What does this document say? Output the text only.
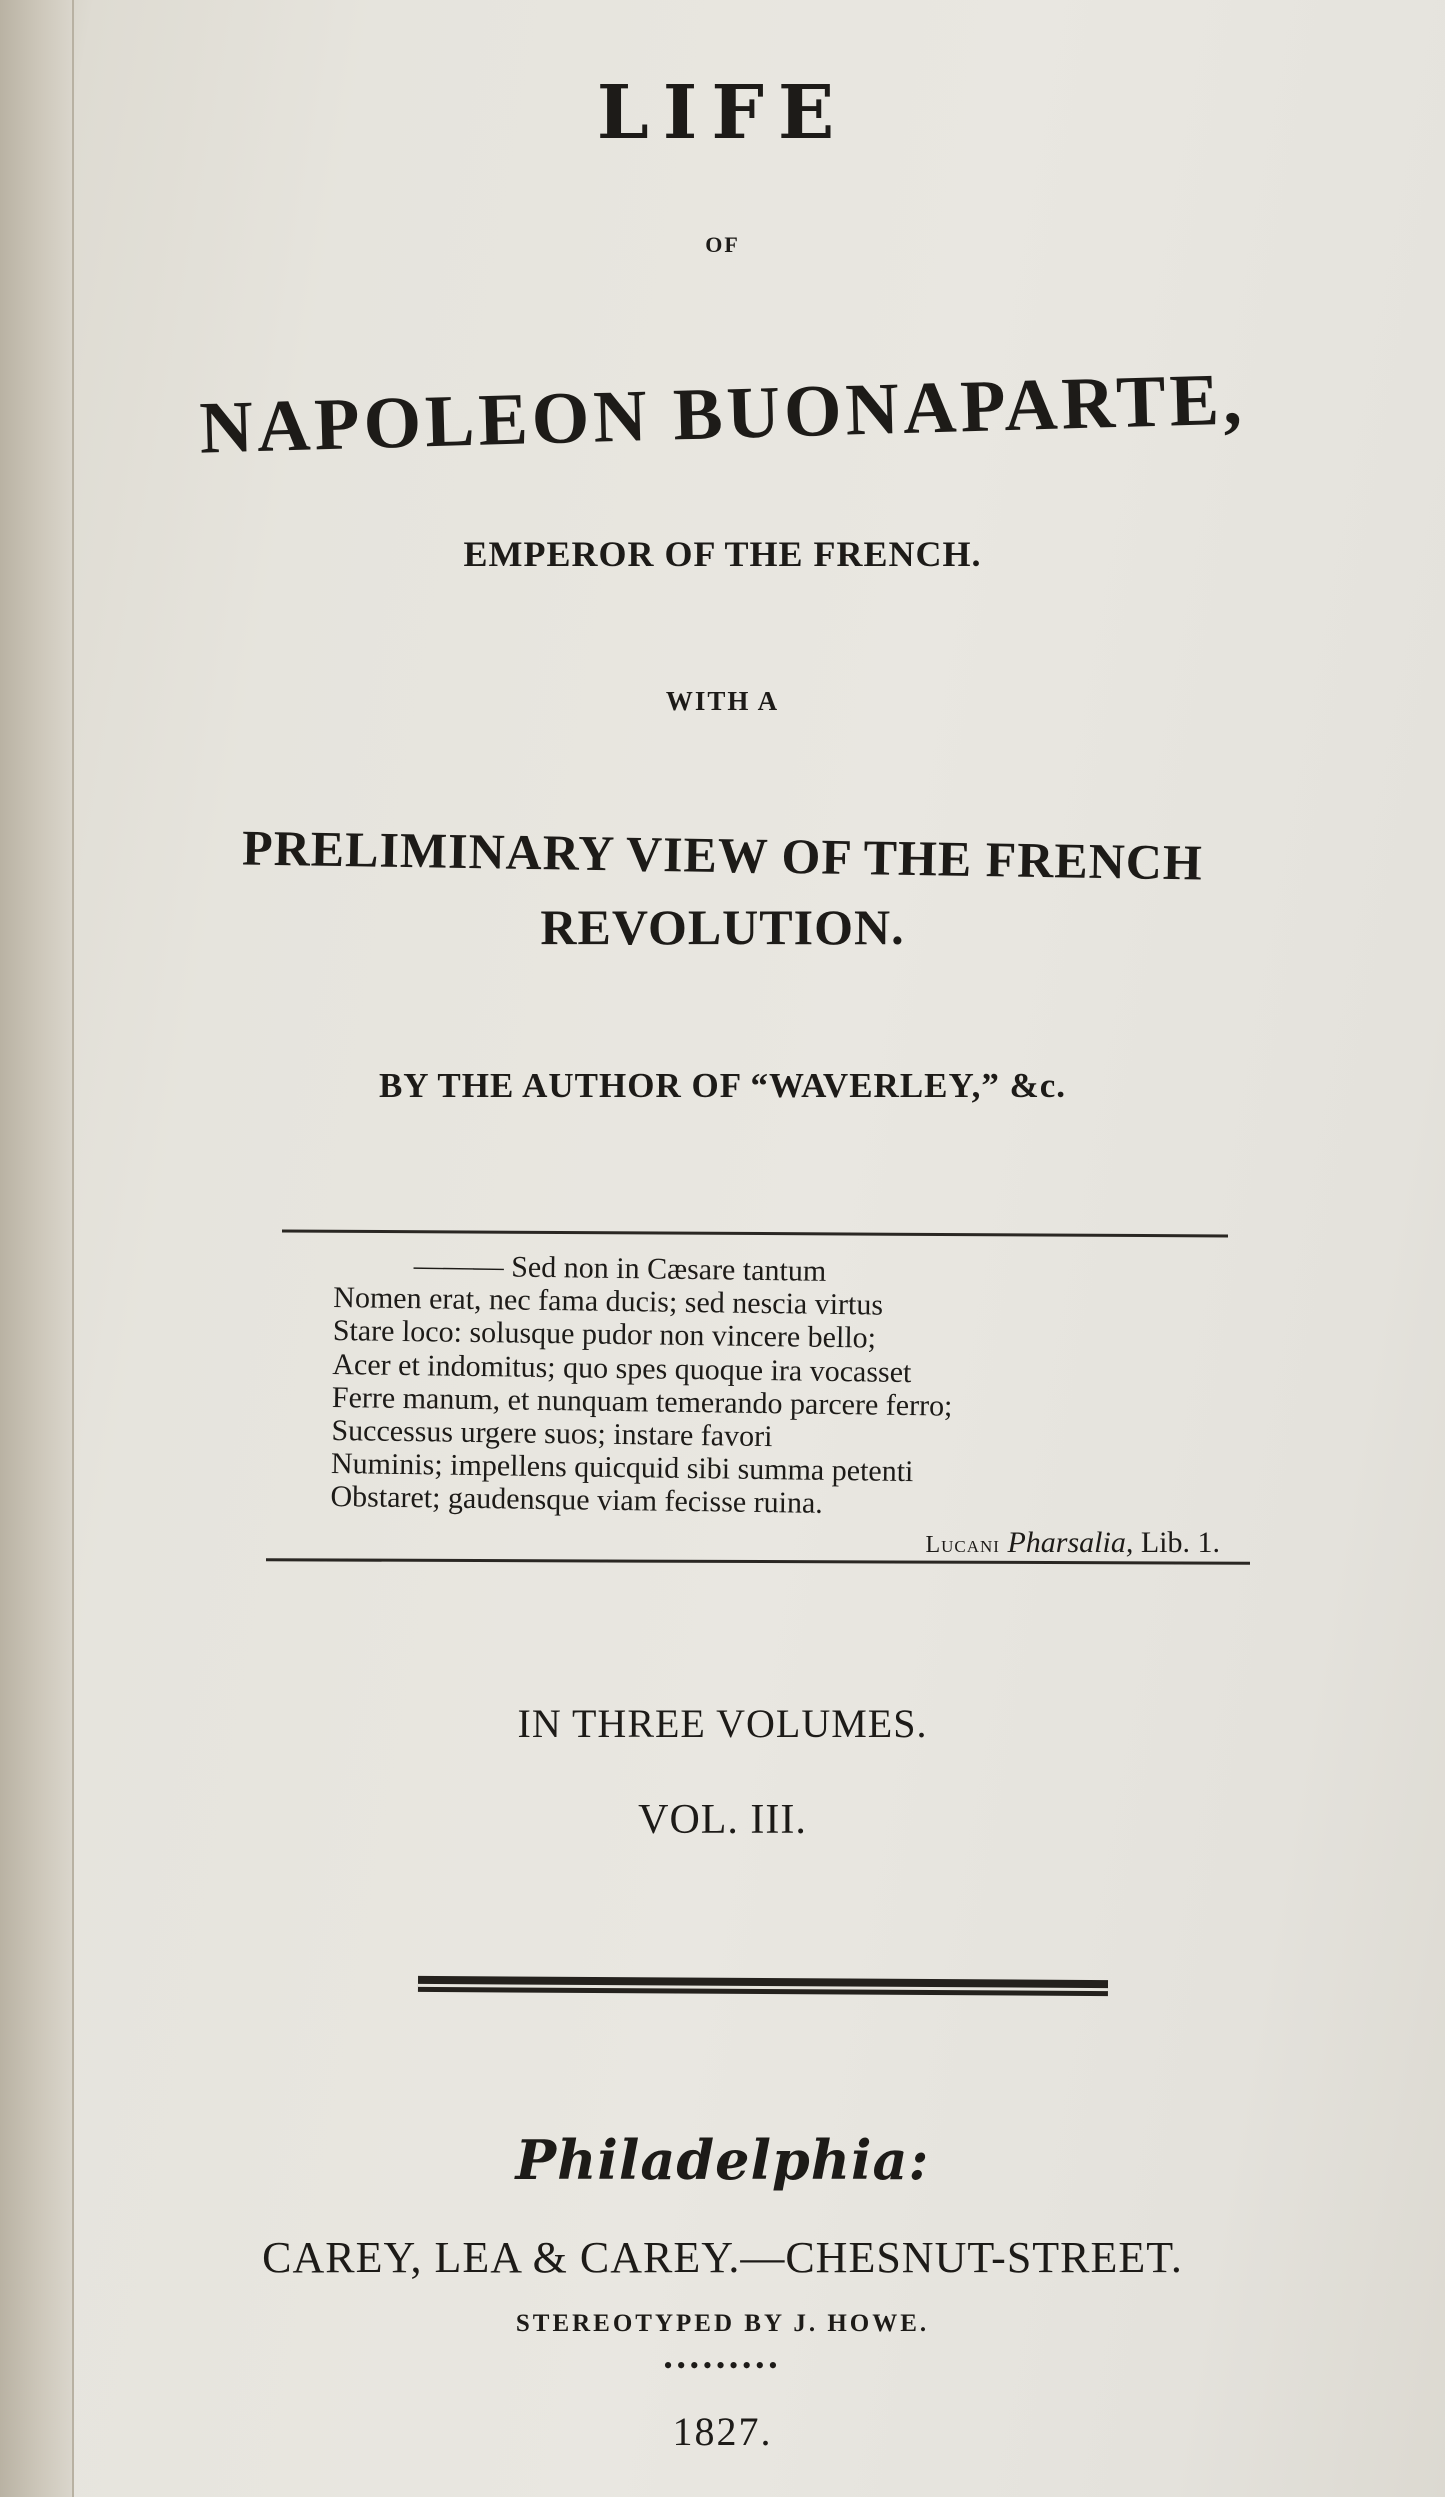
LIFE

OF

NAPOLEON BUONAPARTE,

EMPEROR OF THE FRENCH.

WITH A

PRELIMINARY VIEW OF THE FRENCH

REVOLUTION.

BY THE AUTHOR OF “WAVERLEY,” &c.

——— Sed non in Cæsare tantum

Nomen erat, nec fama ducis; sed nescia virtus

Stare loco: solusque pudor non vincere bello;

Acer et indomitus; quo spes quoque ira vocasset

Ferre manum, et nunquam temerando parcere ferro;

Successus urgere suos; instare favori

Numinis; impellens quicquid sibi summa petenti

Obstaret; gaudensque viam fecisse ruina.

Lucani Pharsalia, Lib. 1.

IN THREE VOLUMES.

VOL. III.

Philadelphia:

CAREY, LEA & CAREY.—CHESNUT-STREET.

STEREOTYPED BY J. HOWE.

•••••••••

1827.
